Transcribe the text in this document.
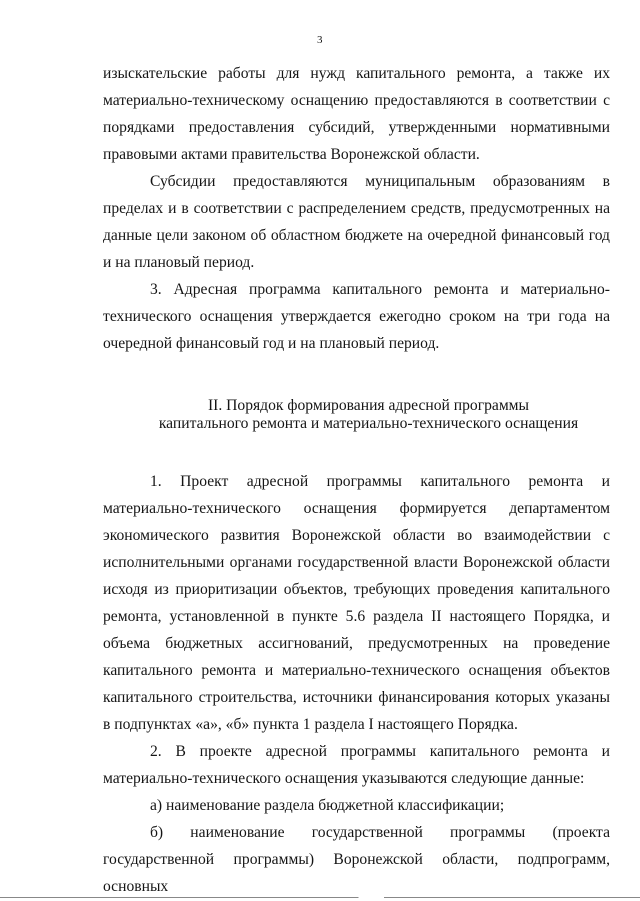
3

изыскательские работы для нужд капитального ремонта, а также их материально-техническому оснащению предоставляются в соответствии с порядками предоставления субсидий, утвержденными нормативными правовыми актами правительства Воронежской области.

Субсидии предоставляются муниципальным образованиям в пределах и в соответствии с распределением средств, предусмотренных на данные цели законом об областном бюджете на очередной финансовый год и на плановый период.

3. Адресная программа капитального ремонта и материально-технического оснащения утверждается ежегодно сроком на три года на очередной финансовый год и на плановый период.

II. Порядок формирования адресной программы

капитального ремонта и материально-технического оснащения

1. Проект адресной программы капитального ремонта и материально-технического оснащения формируется департаментом экономического развития Воронежской области во взаимодействии с исполнительными органами государственной власти Воронежской области исходя из приоритизации объектов, требующих проведения капитального ремонта, установленной в пункте 5.6 раздела II настоящего Порядка, и объема бюджетных ассигнований, предусмотренных на проведение капитального ремонта и материально-технического оснащения объектов капитального строительства, источники финансирования которых указаны в подпунктах «а», «б» пункта 1 раздела I настоящего Порядка.

2. В проекте адресной программы капитального ремонта и материально-технического оснащения указываются следующие данные:

а) наименование раздела бюджетной классификации;

б) наименование государственной программы (проекта государственной программы) Воронежской области, подпрограмм, основных
